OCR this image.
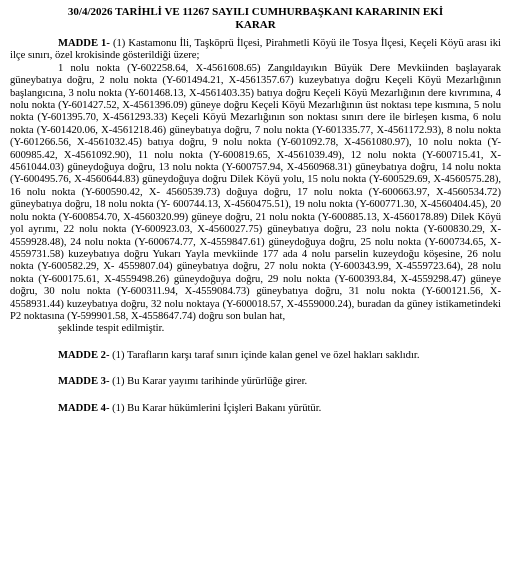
30/4/2026 TARİHLİ VE 11267 SAYILI CUMHURBAŞKANI KARARININ EKİ
KARAR

MADDE 1- (1) Kastamonu İli, Taşköprü İlçesi, Pirahmetli Köyü ile Tosya İlçesi, Keçeli Köyü arası iki ilçe sınırı, özel krokisinde gösterildiği üzere;

1 nolu nokta (Y-602258.64, X-4561608.65) Zangıldayıkın Büyük Dere Mevkiinden başlayarak güneybatıya doğru, 2 nolu nokta (Y-601494.21, X-4561357.67) kuzeybatıya doğru Keçeli Köyü Mezarlığının başlangıcına, 3 nolu nokta (Y-601468.13, X-4561403.35) batıya doğru Keçeli Köyü Mezarlığının dere kıvrımına, 4 nolu nokta (Y-601427.52, X-4561396.09) güneye doğru Keçeli Köyü Mezarlığının üst noktası tepe kısmına, 5 nolu nokta (Y-601395.70, X-4561293.33) Keçeli Köyü Mezarlığının son noktası sınırı dere ile birleşen kısma, 6 nolu nokta (Y-601420.06, X-4561218.46) güneybatıya doğru, 7 nolu nokta (Y-601335.77, X-4561172.93), 8 nolu nokta (Y-601266.56, X-4561032.45) batıya doğru, 9 nolu nokta (Y-601092.78, X-4561080.97), 10 nolu nokta (Y-600985.42, X-4561092.90), 11 nolu nokta (Y-600819.65, X-4561039.49), 12 nolu nokta (Y-600715.41, X-4561044.03) güneydoğuya doğru, 13 nolu nokta (Y-600757.94, X-4560968.31) güneybatıya doğru, 14 nolu nokta (Y-600495.76, X-4560644.83) güneydoğuya doğru Dilek Köyü yolu, 15 nolu nokta (Y-600529.69, X-4560575.28), 16 nolu nokta (Y-600590.42, X- 4560539.73) doğuya doğru, 17 nolu nokta (Y-600663.97, X-4560534.72) güneybatıya doğru, 18 nolu nokta (Y- 600744.13, X-4560475.51), 19 nolu nokta (Y-600771.30, X-4560404.45), 20 nolu nokta (Y-600854.70, X-4560320.99) güneye doğru, 21 nolu nokta (Y-600885.13, X-4560178.89) Dilek Köyü yol ayrımı, 22 nolu nokta (Y-600923.03, X-4560027.75) güneybatıya doğru, 23 nolu nokta (Y-600830.29, X-4559928.48), 24 nolu nokta (Y-600674.77, X-4559847.61) güneydoğuya doğru, 25 nolu nokta (Y-600734.65, X-4559731.58) kuzeybatıya doğru Yukarı Yayla mevkiinde 177 ada 4 nolu parselin kuzeydoğu köşesine, 26 nolu nokta (Y-600582.29, X- 4559807.04) güneybatıya doğru, 27 nolu nokta (Y-600343.99, X-4559723.64), 28 nolu nokta (Y-600175.61, X-4559498.26) güneydoğuya doğru, 29 nolu nokta (Y-600393.84, X-4559298.47) güneye doğru, 30 nolu nokta (Y-600311.94, X-4559084.73) güneybatıya doğru, 31 nolu nokta (Y-600121.56, X-4558931.44) kuzeybatıya doğru, 32 nolu noktaya (Y-600018.57, X-4559000.24), buradan da güney istikametindeki P2 noktasına (Y-599901.58, X-4558647.74) doğru son bulan hat,

şeklinde tespit edilmiştir.

MADDE 2- (1) Tarafların karşı taraf sınırı içinde kalan genel ve özel hakları saklıdır.

MADDE 3- (1) Bu Karar yayımı tarihinde yürürlüğe girer.

MADDE 4- (1) Bu Karar hükümlerini İçişleri Bakanı yürütür.
